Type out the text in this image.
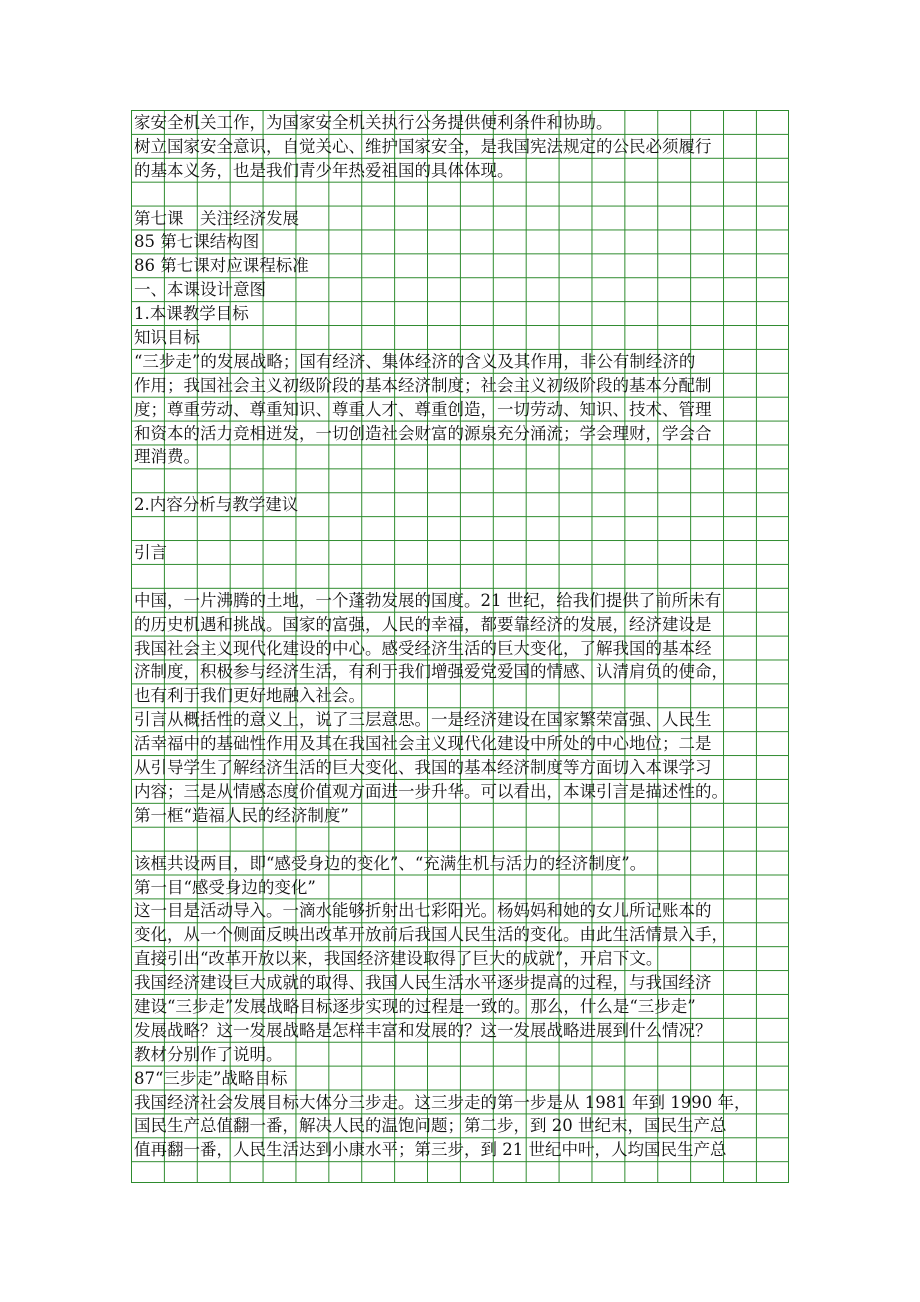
家安全机关工作，为国家安全机关执行公务提供便利条件和协助。
树立国家安全意识，自觉关心、维护国家安全，是我国宪法规定的公民必须履行
的基本义务，也是我们青少年热爱祖国的具体体现。
第七课　关注经济发展
85 第七课结构图
86 第七课对应课程标准
一、本课设计意图
1.本课教学目标
知识目标
“三步走”的发展战略；国有经济、集体经济的含义及其作用，非公有制经济的
作用；我国社会主义初级阶段的基本经济制度；社会主义初级阶段的基本分配制
度；尊重劳动、尊重知识、尊重人才、尊重创造，一切劳动、知识、技术、管理
和资本的活力竞相迸发，一切创造社会财富的源泉充分涌流；学会理财，学会合
理消费。
2.内容分析与教学建议
引言
中国，一片沸腾的土地，一个蓬勃发展的国度。21 世纪，给我们提供了前所未有
的历史机遇和挑战。国家的富强，人民的幸福，都要靠经济的发展，经济建设是
我国社会主义现代化建设的中心。感受经济生活的巨大变化，了解我国的基本经
济制度，积极参与经济生活，有利于我们增强爱党爱国的情感、认清肩负的使命，
也有利于我们更好地融入社会。
引言从概括性的意义上，说了三层意思。一是经济建设在国家繁荣富强、人民生
活幸福中的基础性作用及其在我国社会主义现代化建设中所处的中心地位；二是
从引导学生了解经济生活的巨大变化、我国的基本经济制度等方面切入本课学习
内容；三是从情感态度价值观方面进一步升华。可以看出，本课引言是描述性的。
第一框“造福人民的经济制度”
该框共设两目，即“感受身边的变化”、“充满生机与活力的经济制度”。
第一目“感受身边的变化”
这一目是活动导入。一滴水能够折射出七彩阳光。杨妈妈和她的女儿所记账本的
变化，从一个侧面反映出改革开放前后我国人民生活的变化。由此生活情景入手，
直接引出“改革开放以来，我国经济建设取得了巨大的成就”，开启下文。
我国经济建设巨大成就的取得、我国人民生活水平逐步提高的过程，与我国经济
建设“三步走”发展战略目标逐步实现的过程是一致的。那么，什么是“三步走”
发展战略？这一发展战略是怎样丰富和发展的？这一发展战略进展到什么情况？
教材分别作了说明。
87“三步走”战略目标
我国经济社会发展目标大体分三步走。这三步走的第一步是从 1981 年到 1990 年，
国民生产总值翻一番，解决人民的温饱问题；第二步，到 20 世纪末，国民生产总
值再翻一番，人民生活达到小康水平；第三步，到 21 世纪中叶，人均国民生产总
